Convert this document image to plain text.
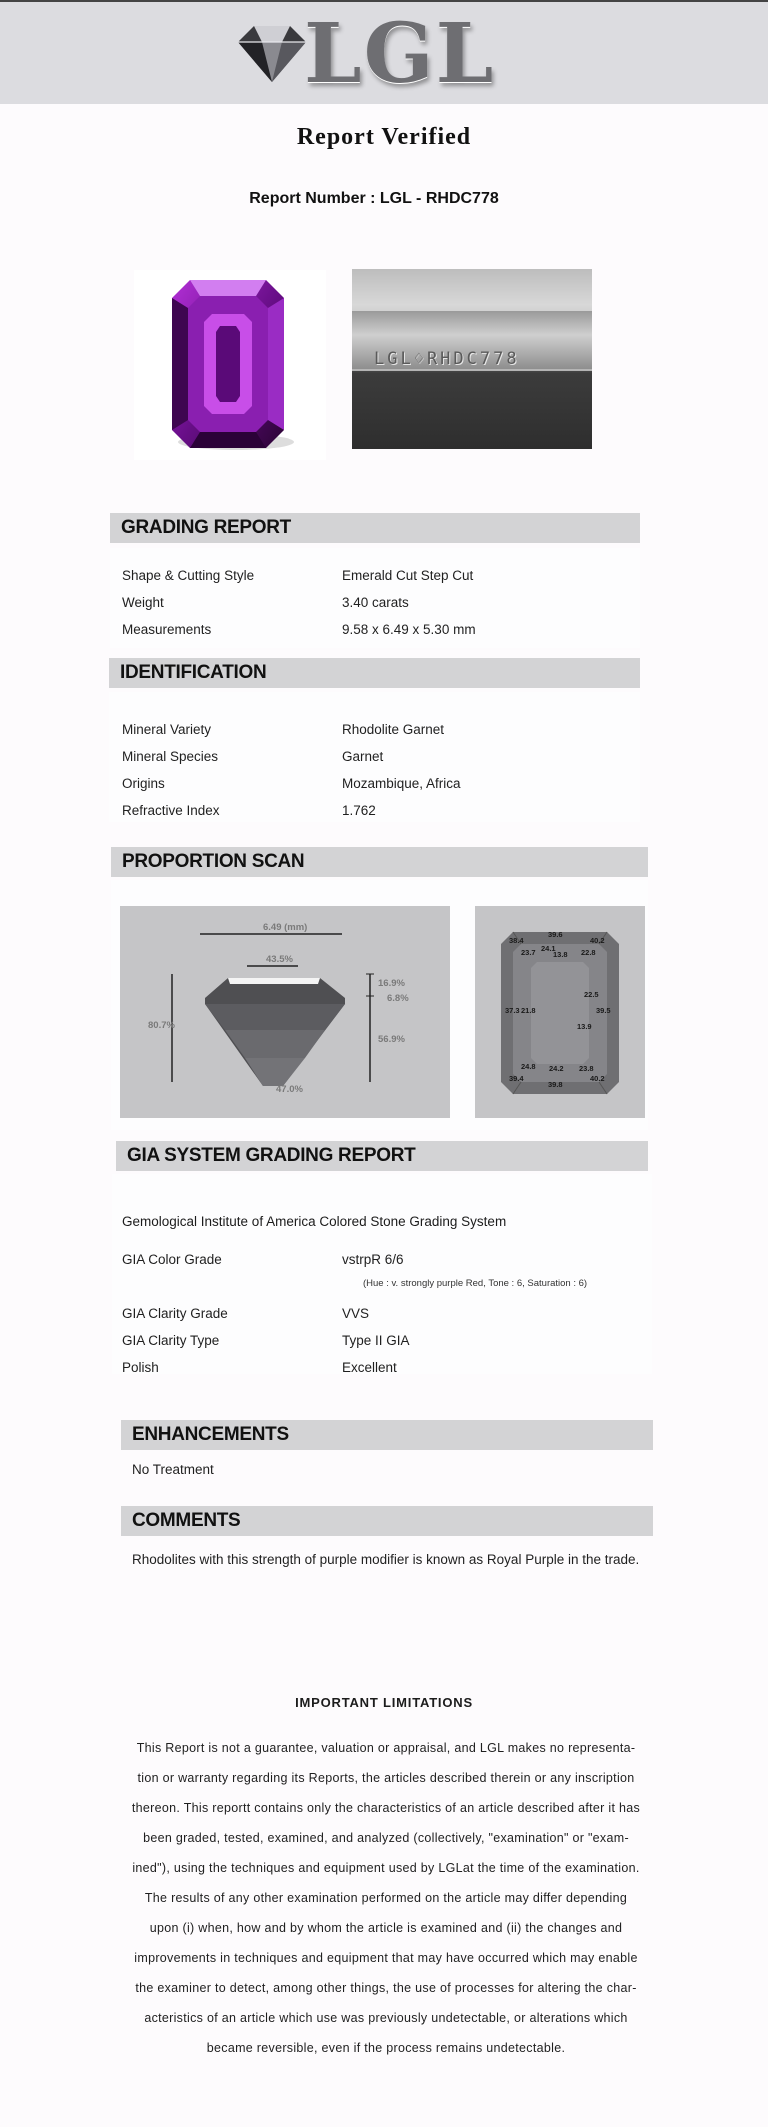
LGL
Report Verified
Report Number : LGL - RHDC778
LGL♢RHDC778
GRADING REPORT
Shape & Cutting Style	Emerald Cut Step Cut
Weight	3.40 carats
Measurements	9.58 x 6.49 x 5.30 mm
IDENTIFICATION
Mineral Variety	Rhodolite Garnet
Mineral Species	Garnet
Origins	Mozambique, Africa
Refractive Index	1.762
PROPORTION SCAN
6.49 (mm)
43.5%
80.7%
16.9%
6.8%
56.9%
47.0%
38.4
39.6
40.2
23.7 24.1
13.8 22.8
22.5
37.3 21.8	39.5
13.9
24.8 24.2 23.8
39.4
39.8
40.2
GIA SYSTEM GRADING REPORT
Gemological Institute of America Colored Stone Grading System
GIA Color Grade	vstrpR 6/6
(Hue : v. strongly purple Red, Tone : 6, Saturation : 6)
GIA Clarity Grade	VVS
GIA Clarity Type	Type II GIA
Polish	Excellent
ENHANCEMENTS
No Treatment
COMMENTS
Rhodolites with this strength of purple modifier is known as Royal Purple in the trade.
IMPORTANT LIMITATIONS
This Report is not a guarantee, valuation or appraisal, and LGL makes no representa-
tion or warranty regarding its Reports, the articles described therein or any inscription
thereon. This reportt contains only the characteristics of an article described after it has
been graded, tested, examined, and analyzed (collectively, "examination" or "exam-
ined"), using the techniques and equipment used by LGLat the time of the examination.
The results of any other examination performed on the article may differ depending
upon (i) when, how and by whom the article is examined and (ii) the changes and
improvements in techniques and equipment that may have occurred which may enable
the examiner to detect, among other things, the use of processes for altering the char-
acteristics of an article which use was previously undetectable, or alterations which
became reversible, even if the process remains undetectable.
